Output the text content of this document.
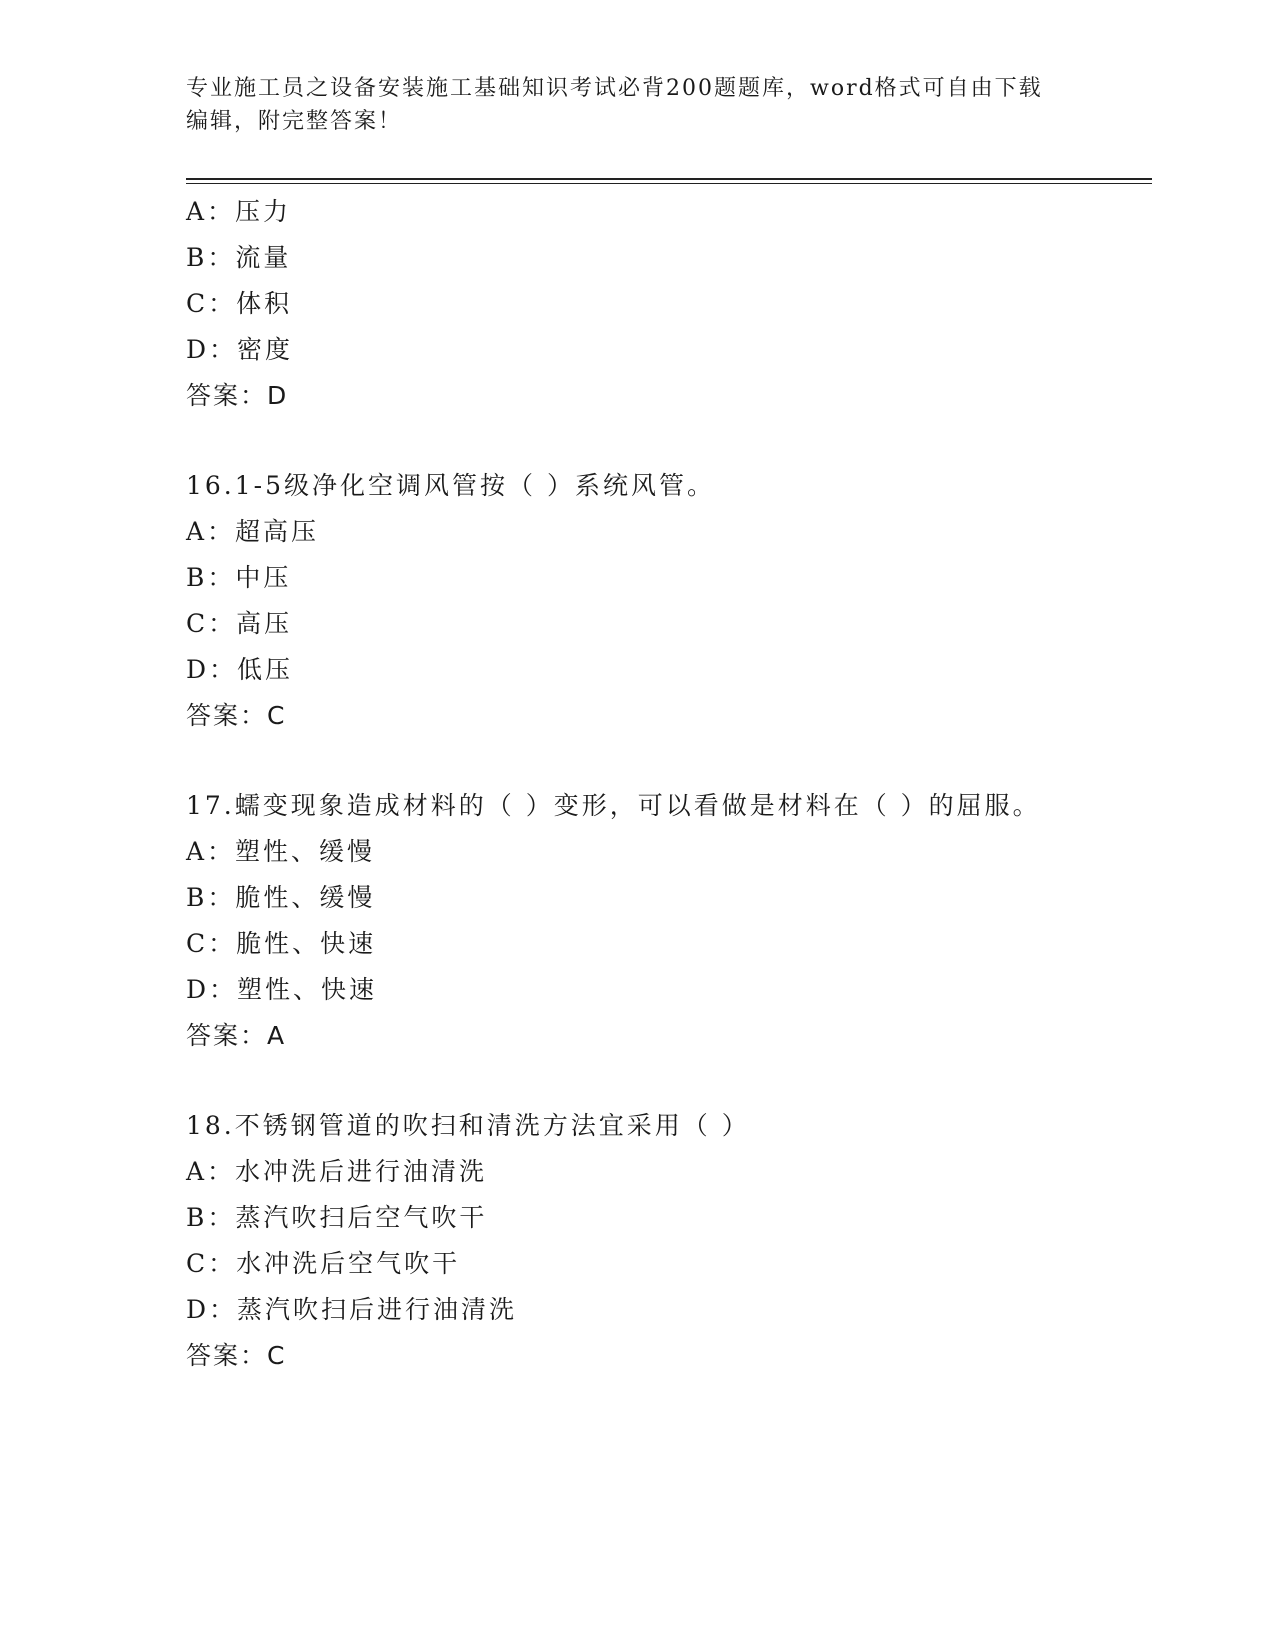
专业施工员之设备安装施工基础知识考试必背200题题库，word格式可自由下载
编辑，附完整答案！
A：压力
B：流量
C：体积
D：密度
答案：D
16.1-5级净化空调风管按（ ）系统风管。
A：超高压
B：中压
C：高压
D：低压
答案：C
17.蠕变现象造成材料的（ ）变形，可以看做是材料在（ ）的屈服。
A：塑性、缓慢
B：脆性、缓慢
C：脆性、快速
D：塑性、快速
答案：A
18.不锈钢管道的吹扫和清洗方法宜采用（ ）
A：水冲洗后进行油清洗
B：蒸汽吹扫后空气吹干
C：水冲洗后空气吹干
D：蒸汽吹扫后进行油清洗
答案：C
